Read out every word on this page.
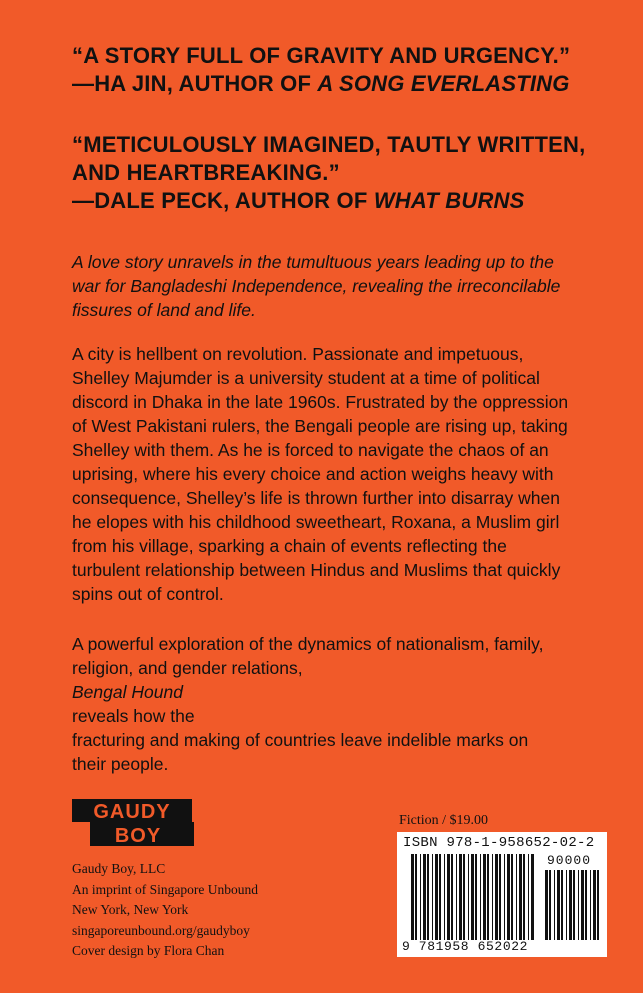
“A STORY FULL OF GRAVITY AND URGENCY.”
—HA JIN, AUTHOR OF A SONG EVERLASTING
“METICULOUSLY IMAGINED, TAUTLY WRITTEN,
AND HEARTBREAKING.”
—DALE PECK, AUTHOR OF WHAT BURNS
A love story unravels in the tumultuous years leading up to the
war for Bangladeshi Independence, revealing the irreconcilable
fissures of land and life.
A city is hellbent on revolution. Passionate and impetuous,
Shelley Majumder is a university student at a time of political
discord in Dhaka in the late 1960s. Frustrated by the oppression
of West Pakistani rulers, the Bengali people are rising up, taking
Shelley with them. As he is forced to navigate the chaos of an
uprising, where his every choice and action weighs heavy with
consequence, Shelley’s life is thrown further into disarray when
he elopes with his childhood sweetheart, Roxana, a Muslim girl
from his village, sparking a chain of events reflecting the
turbulent relationship between Hindus and Muslims that quickly
spins out of control.
A powerful exploration of the dynamics of nationalism, family,
religion, and gender relations,
Bengal Hound
reveals how the
fracturing and making of countries leave indelible marks on
their people.
GAUDY
BOY
Gaudy Boy, LLC
An imprint of Singapore Unbound
New York, New York
singaporeunbound.org/gaudyboy
Cover design by Flora Chan
Fiction / $19.00
ISBN 978-1-958652-02-2
90000
9 781958 652022
